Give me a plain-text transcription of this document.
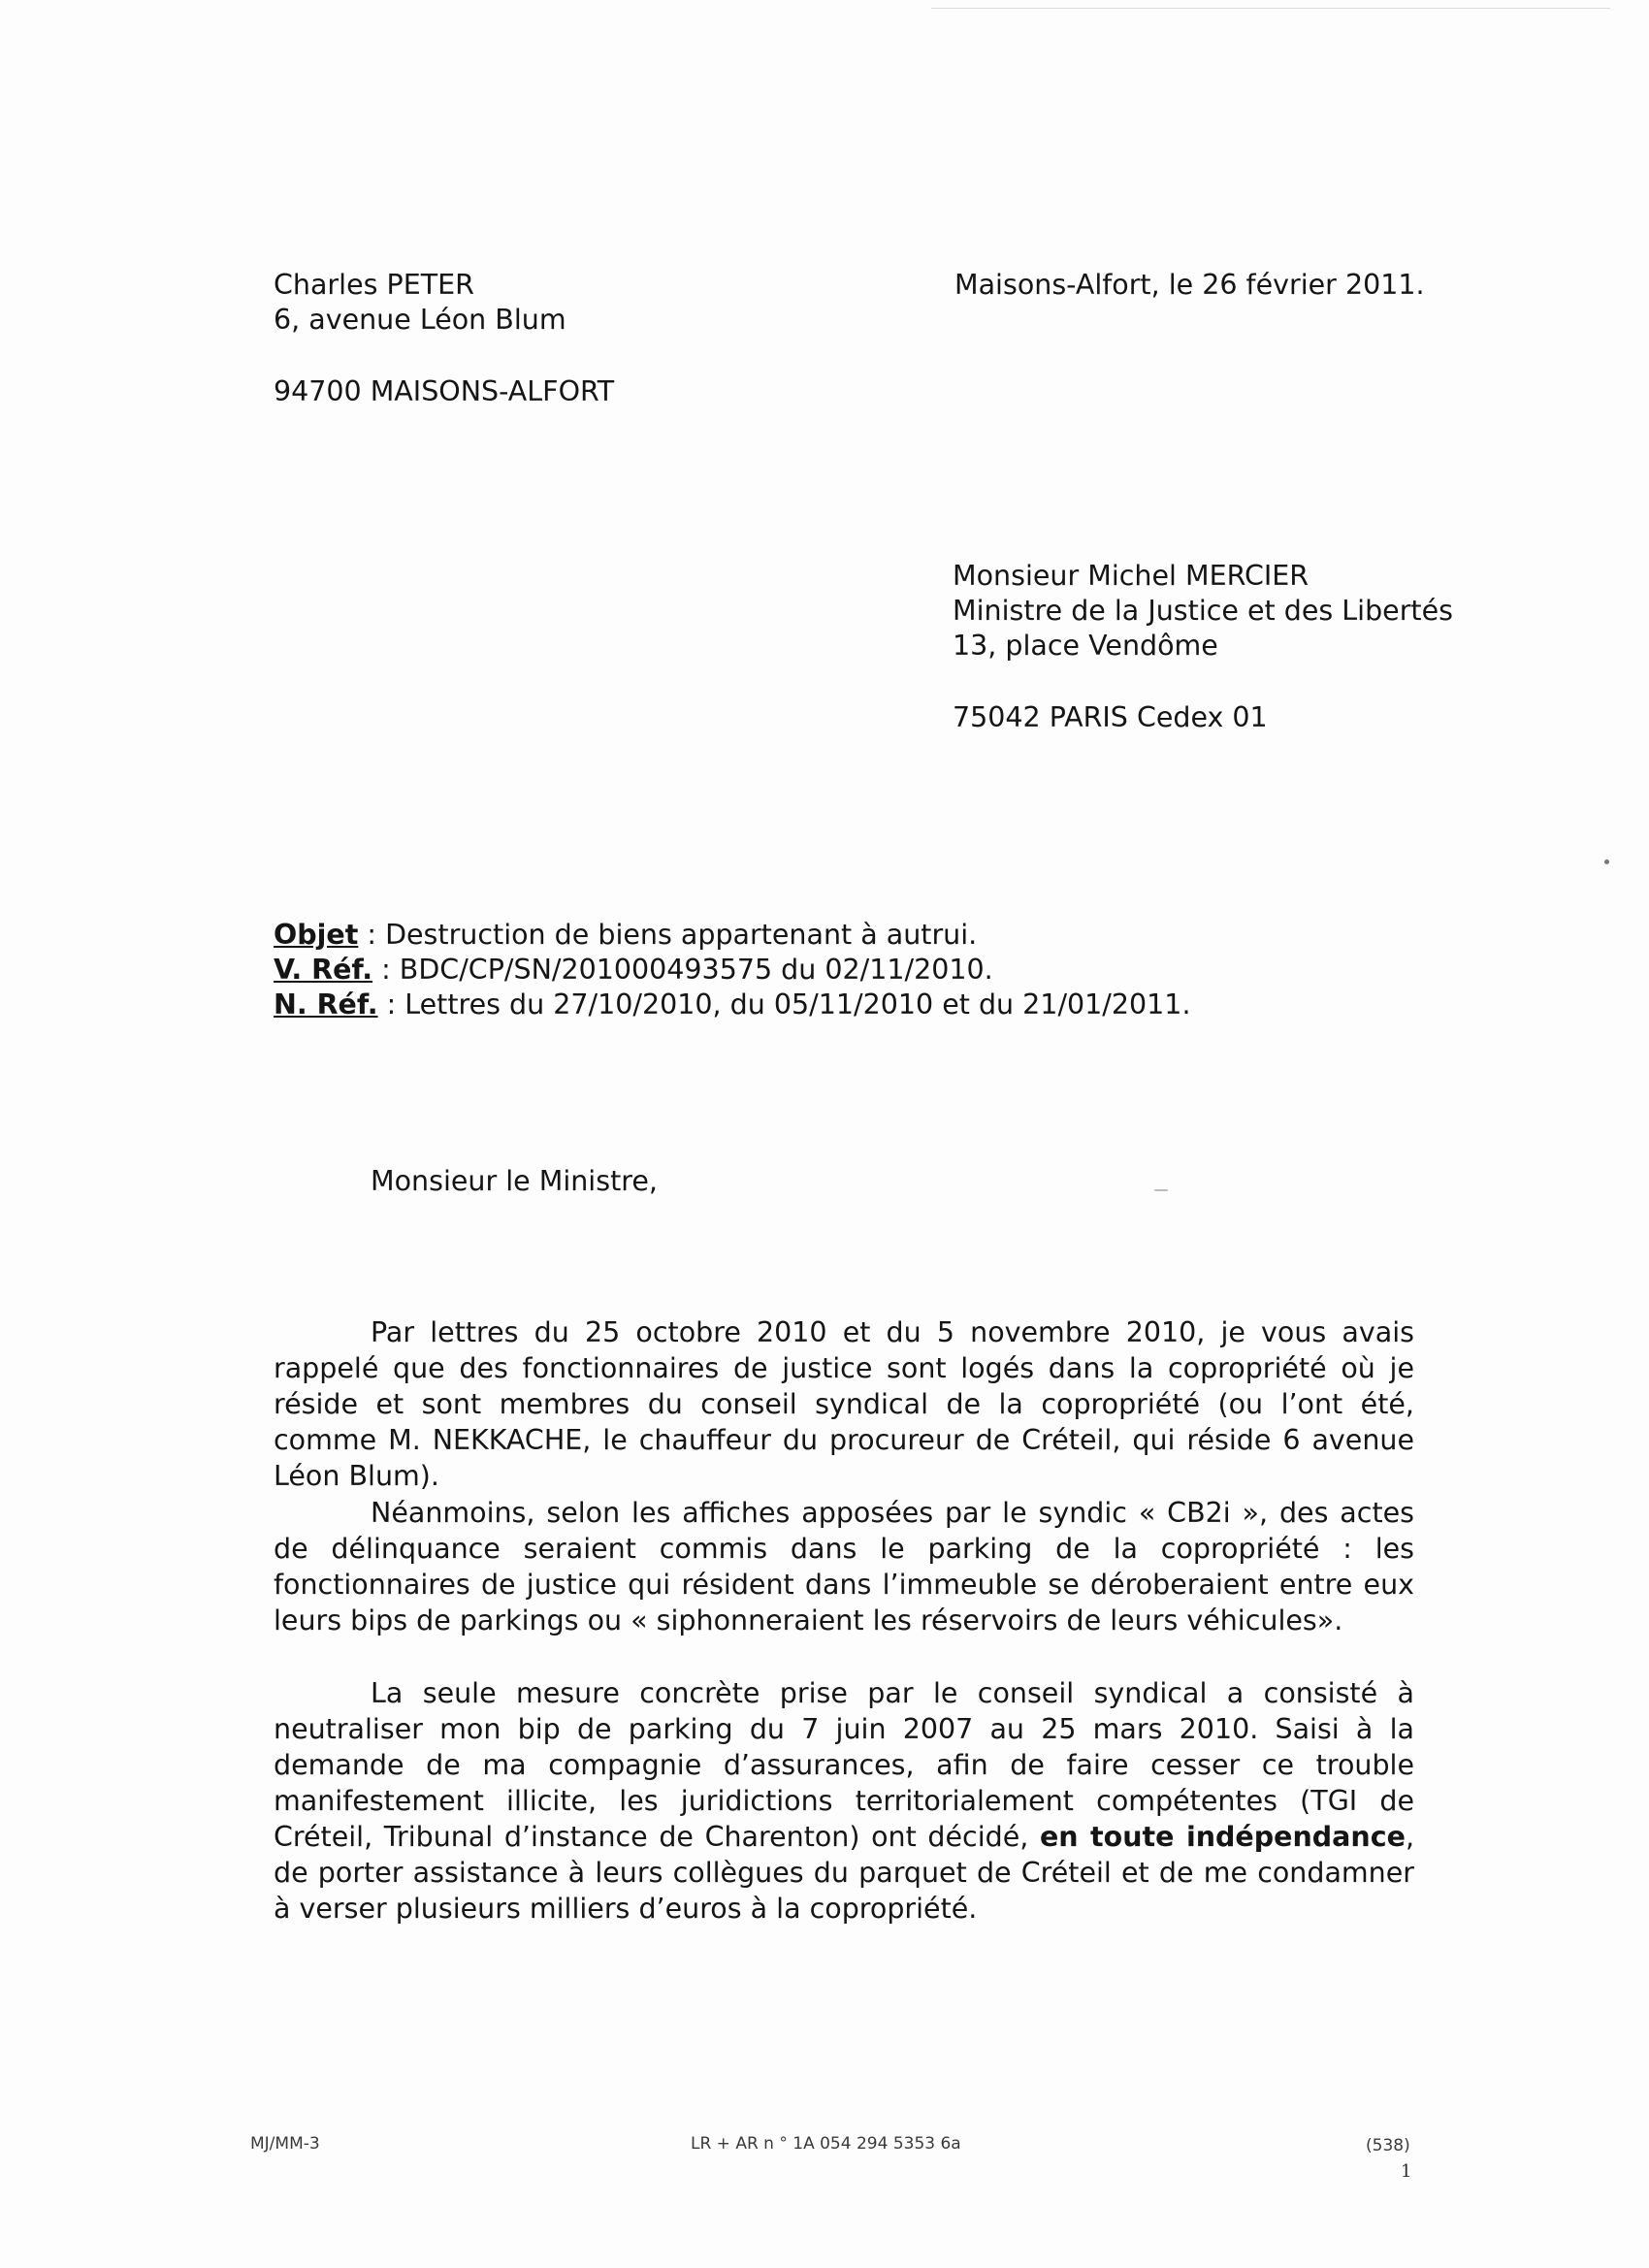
Charles PETER
6, avenue Léon Blum
94700 MAISONS-ALFORT
Maisons-Alfort, le 26 février 2011.
Monsieur Michel MERCIER
Ministre de la Justice et des Libertés
13, place Vendôme
75042 PARIS Cedex 01
Objet : Destruction de biens appartenant à autrui.
V. Réf. : BDC/CP/SN/201000493575 du 02/11/2010.
N. Réf. : Lettres du 27/10/2010, du 05/11/2010 et du 21/01/2011.
Monsieur le Ministre,

Par lettres du 25 octobre 2010 et du 5 novembre 2010, je vous avais rappelé que des fonctionnaires de justice sont logés dans la copropriété où je réside et sont membres du conseil syndical de la copropriété (ou l’ont été, comme M. NEKKACHE, le chauffeur du procureur de Créteil, qui réside 6 avenue Léon Blum).

Néanmoins, selon les affiches apposées par le syndic « CB2i », des actes de délinquance seraient commis dans le parking de la copropriété : les fonctionnaires de justice qui résident dans l’immeuble se déroberaient entre eux leurs bips de parkings ou « siphonneraient les réservoirs de leurs véhicules».

La seule mesure concrète prise par le conseil syndical a consisté à neutraliser mon bip de parking du 7 juin 2007 au 25 mars 2010. Saisi à la demande de ma compagnie d’assurances, afin de faire cesser ce trouble manifestement illicite, les juridictions territorialement compétentes (TGI de Créteil, Tribunal d’instance de Charenton) ont décidé, en toute indépendance, de porter assistance à leurs collègues du parquet de Créteil et de me condamner à verser plusieurs milliers d’euros à la copropriété.

MJ/MM-3	LR + AR n ° 1A 054 294 5353 6a	(538)
1
